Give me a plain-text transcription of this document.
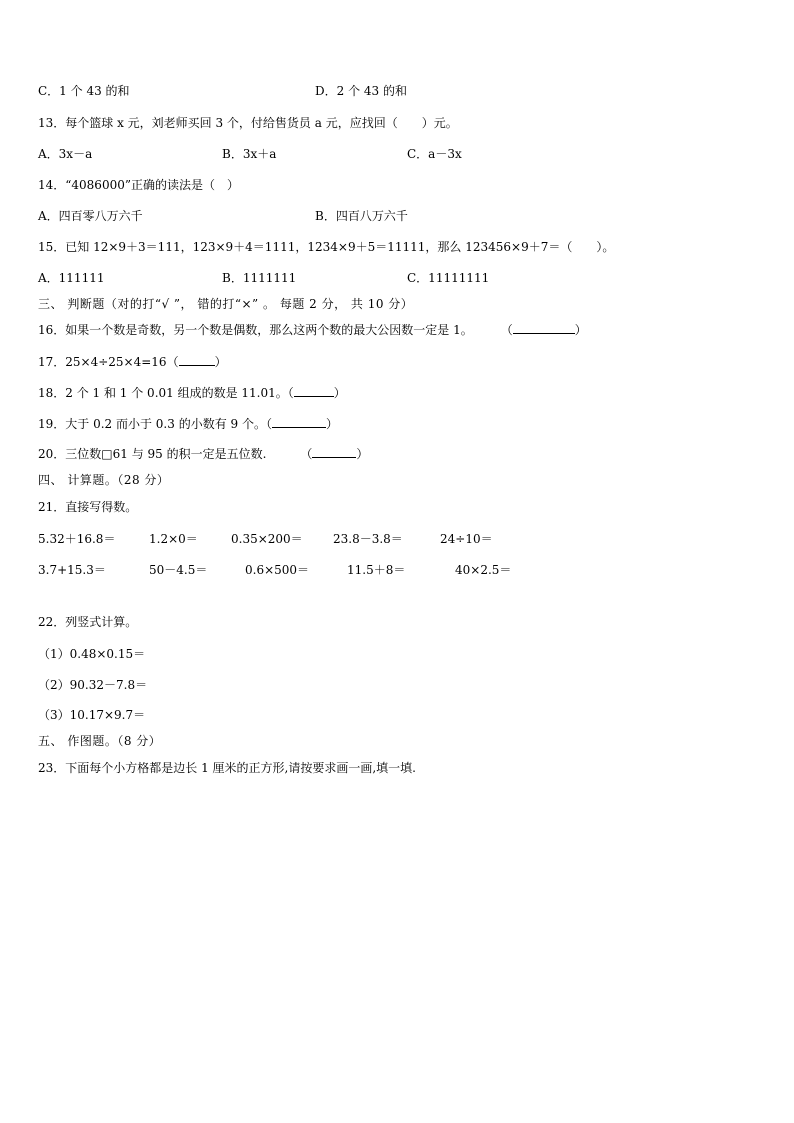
C．1 个 43 的和	D．2 个 43 的和
13．每个篮球 x 元，刘老师买回 3 个，付给售货员 a 元，应找回（　　）元。
A．3x－a	B．3x＋a	C．a－3x
14．“4086000”正确的读法是（　）
A．四百零八万六千	B．四百八万六千
15．已知 12×9＋3＝111，123×9＋4＝1111，1234×9＋5＝11111，那么 123456×9＋7＝（　　）。
A．111111	B．1111111	C．11111111
三、 判断题（对的打“√ ”， 错的打“×” 。 每题 2 分， 共 10 分）
16．如果一个数是奇数，另一个数是偶数，那么这两个数的最大公因数一定是 1。 （	）
17．25×4÷25×4=16（	）
18．2 个 1 和 1 个 0.01 组成的数是 11.01。（	）
19．大于 0.2 而小于 0.3 的小数有 9 个。（	）
20．三位数□61 与 95 的积一定是五位数.	（	）
四、 计算题。（28 分）
21．直接写得数。
5.32＋16.8＝	1.2×0＝	0.35×200＝	23.8－3.8＝	24÷10＝
3.7+15.3＝	50－4.5＝	0.6×500＝	11.5＋8＝	40×2.5＝
22．列竖式计算。
（1）0.48×0.15＝
（2）90.32－7.8＝
（3）10.17×9.7＝
五、 作图题。（8 分）
23．下面每个小方格都是边长 1 厘米的正方形,请按要求画一画,填一填.
